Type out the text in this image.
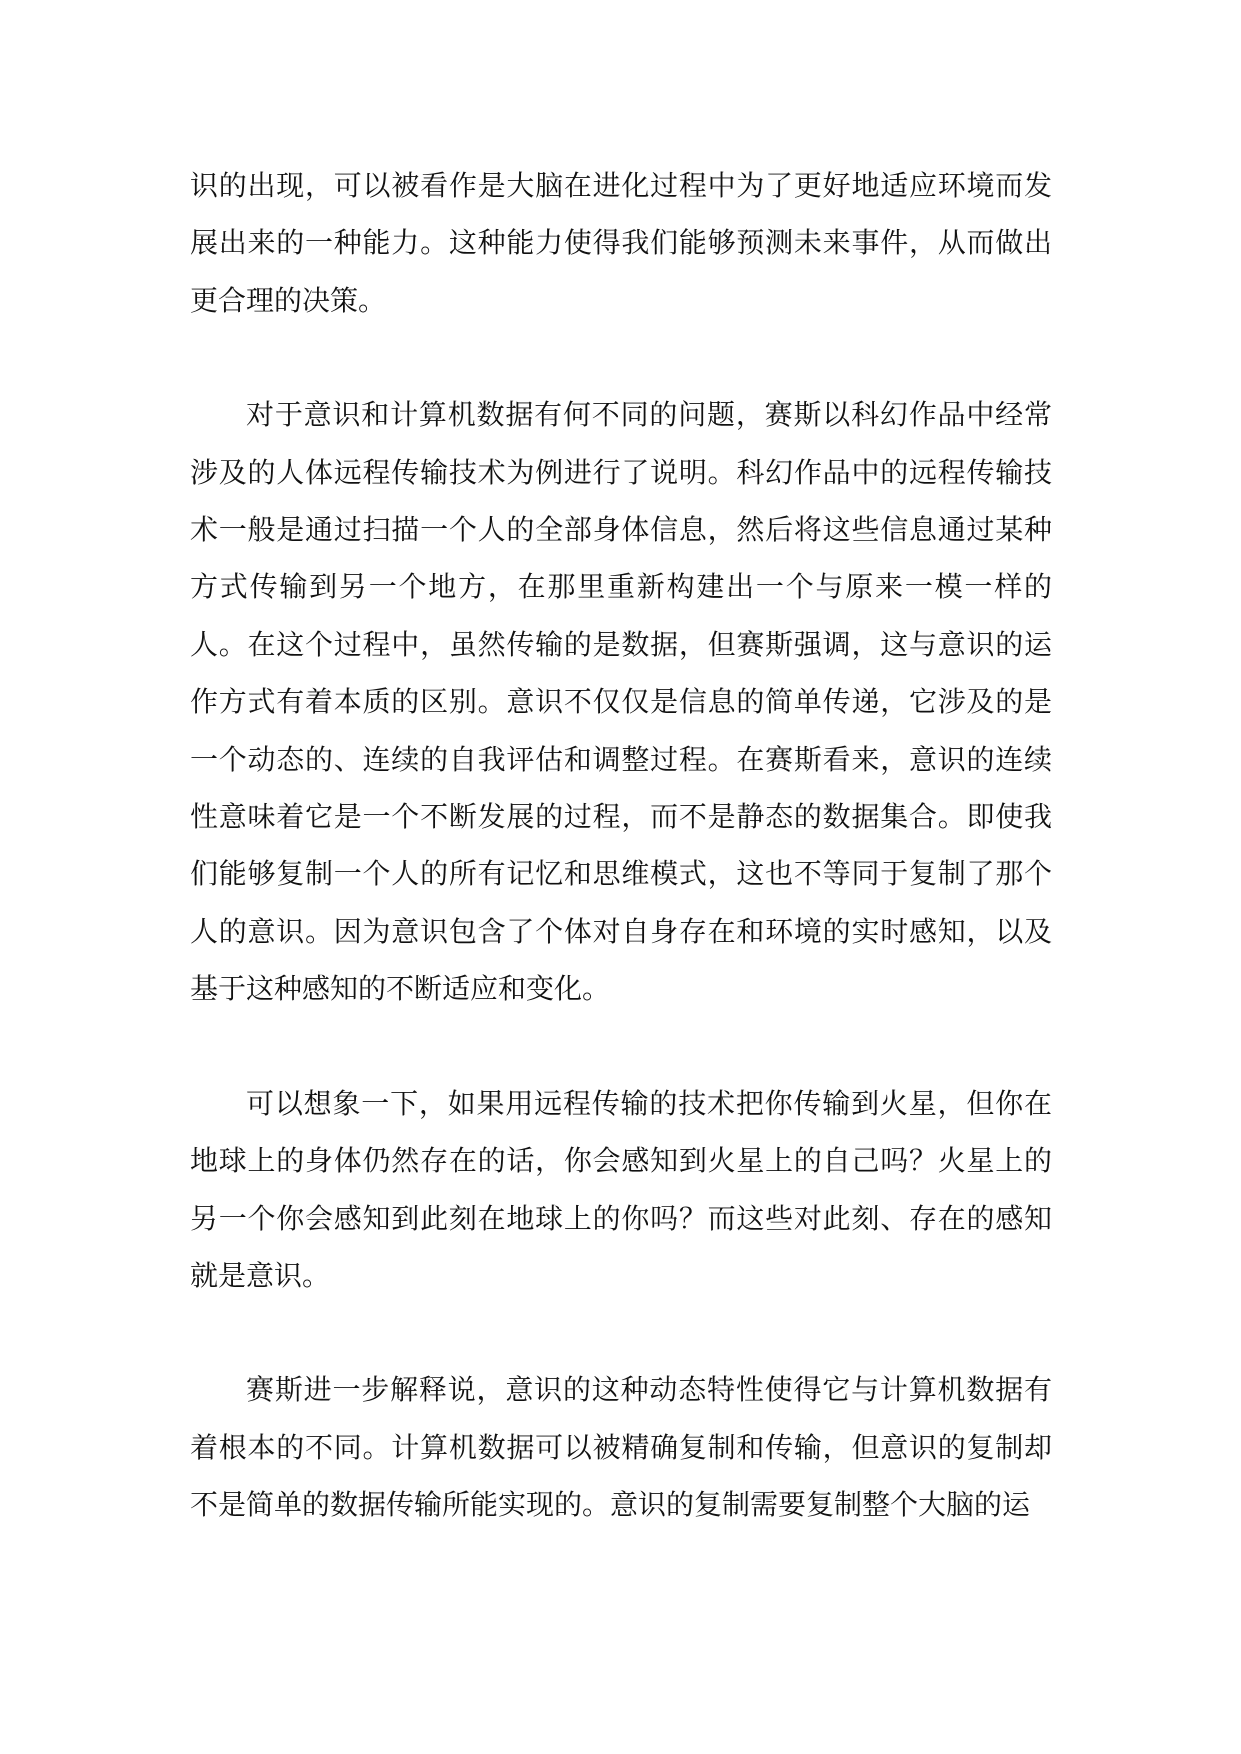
识的出现，可以被看作是大脑在进化过程中为了更好地适应环境而发展出来的一种能力。这种能力使得我们能够预测未来事件，从而做出更合理的决策。

对于意识和计算机数据有何不同的问题，赛斯以科幻作品中经常涉及的人体远程传输技术为例进行了说明。科幻作品中的远程传输技术一般是通过扫描一个人的全部身体信息，然后将这些信息通过某种方式传输到另一个地方，在那里重新构建出一个与原来一模一样的人。在这个过程中，虽然传输的是数据，但赛斯强调，这与意识的运作方式有着本质的区别。意识不仅仅是信息的简单传递，它涉及的是一个动态的、连续的自我评估和调整过程。在赛斯看来，意识的连续性意味着它是一个不断发展的过程，而不是静态的数据集合。即使我们能够复制一个人的所有记忆和思维模式，这也不等同于复制了那个人的意识。因为意识包含了个体对自身存在和环境的实时感知，以及基于这种感知的不断适应和变化。

可以想象一下，如果用远程传输的技术把你传输到火星，但你在地球上的身体仍然存在的话，你会感知到火星上的自己吗？火星上的另一个你会感知到此刻在地球上的你吗？而这些对此刻、存在的感知就是意识。

赛斯进一步解释说，意识的这种动态特性使得它与计算机数据有着根本的不同。计算机数据可以被精确复制和传输，但意识的复制却不是简单的数据传输所能实现的。意识的复制需要复制整个大脑的运
